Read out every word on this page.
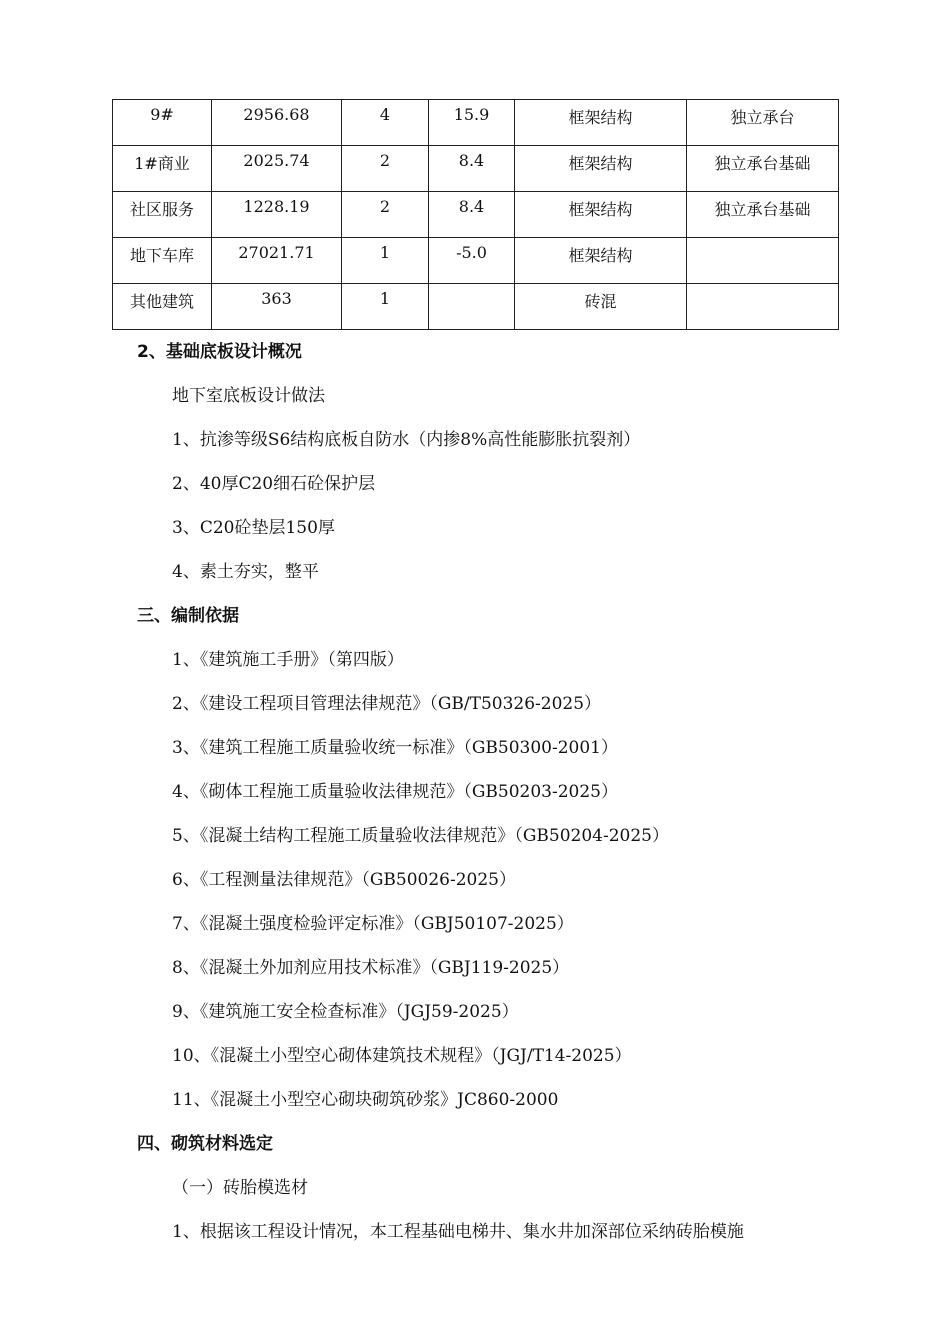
9#	2956.68	4	15.9	框架结构	独立承台
1#商业	2025.74	2	8.4	框架结构	独立承台基础
社区服务	1228.19	2	8.4	框架结构	独立承台基础
地下车库	27021.71	1	-5.0	框架结构	
其他建筑	363	1		砖混	
2、基础底板设计概况
地下室底板设计做法
1、抗渗等级S6结构底板自防水（内掺8%高性能膨胀抗裂剂）
2、40厚C20细石砼保护层
3、C20砼垫层150厚
4、素土夯实，整平
三、编制依据
1、《建筑施工手册》（第四版）
2、《建设工程项目管理法律规范》（GB/T50326-2025）
3、《建筑工程施工质量验收统一标准》（GB50300-2001）
4、《砌体工程施工质量验收法律规范》（GB50203-2025）
5、《混凝土结构工程施工质量验收法律规范》（GB50204-2025）
6、《工程测量法律规范》（GB50026-2025）
7、《混凝土强度检验评定标准》（GBJ50107-2025）
8、《混凝土外加剂应用技术标准》（GBJ119-2025）
9、《建筑施工安全检查标准》（JGJ59-2025）
10、《混凝土小型空心砌体建筑技术规程》（JGJ/T14-2025）
11、《混凝土小型空心砌块砌筑砂浆》JC860-2000
四、砌筑材料选定
（一）砖胎模选材
1、根据该工程设计情况，本工程基础电梯井、集水井加深部位采纳砖胎模施
